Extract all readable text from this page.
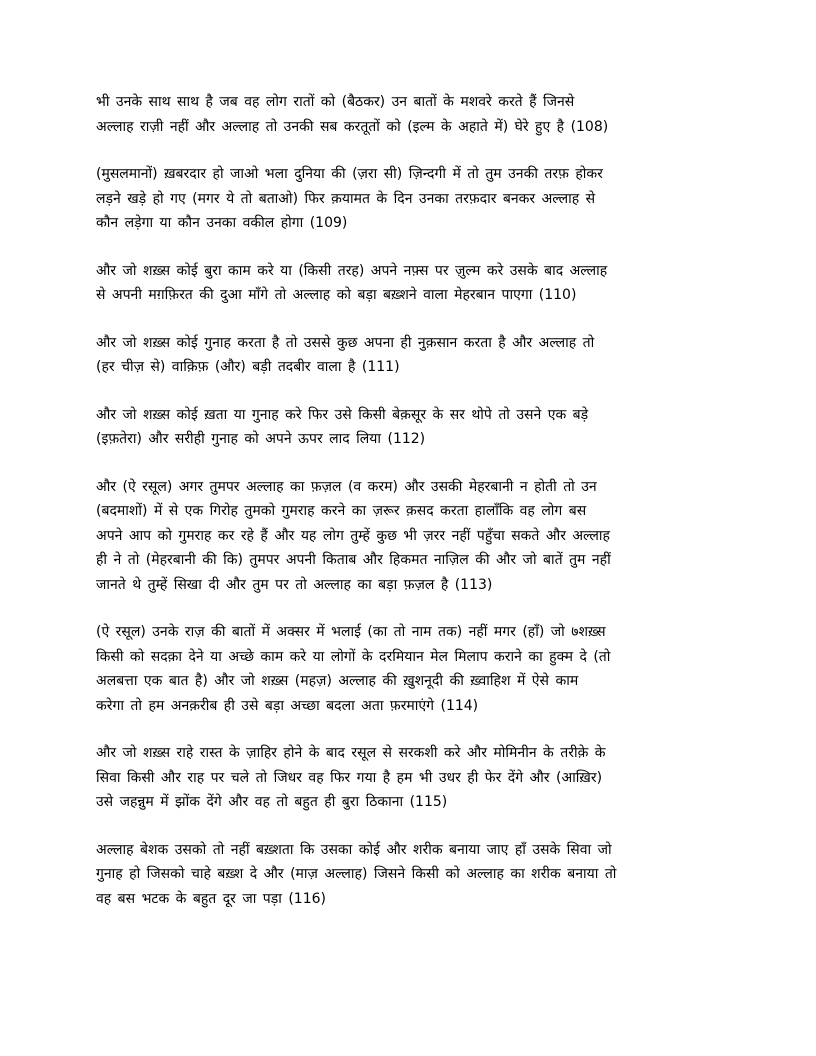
भी उनके साथ साथ है जब वह लोग रातों को (बैठकर) उन बातों के मशवरे करते हैं जिनसे
अल्लाह राज़ी नहीं और अल्लाह तो उनकी सब करतूतों को (इल्म के अहाते में) घेरे हुए है (108)
(मुसलमानों) ख़बरदार हो जाओ भला दुनिया की (ज़रा सी) ज़िन्दगी में तो तुम उनकी तरफ़ होकर
लड़ने खड़े हो गए (मगर ये तो बताओ) फिर क़यामत के दिन उनका तरफ़दार बनकर अल्लाह से
कौन लड़ेगा या कौन उनका वकील होगा (109)
और जो शख़्स कोई बुरा काम करे या (किसी तरह) अपने नफ़्स पर ज़ुल्म करे उसके बाद अल्लाह
से अपनी मग़फ़िरत की दुआ माँगे तो अल्लाह को बड़ा बख़्शने वाला मेहरबान पाएगा (110)
और जो शख़्स कोई गुनाह करता है तो उससे कुछ अपना ही नुक़सान करता है और अल्लाह तो
(हर चीज़ से) वाक़िफ़ (और) बड़ी तदबीर वाला है (111)
और जो शख़्स कोई ख़ता या गुनाह करे फिर उसे किसी बेक़सूर के सर थोपे तो उसने एक बड़े
(इफ़तेरा) और सरीही गुनाह को अपने ऊपर लाद लिया (112)
और (ऐ रसूल) अगर तुमपर अल्लाह का फ़ज़ल (व करम) और उसकी मेहरबानी न होती तो उन
(बदमाशों) में से एक गिरोह तुमको गुमराह करने का ज़रूर क़सद करता हालाँकि वह लोग बस
अपने आप को गुमराह कर रहे हैं और यह लोग तुम्हें कुछ भी ज़रर नहीं पहुँचा सकते और अल्लाह
ही ने तो (मेहरबानी की कि) तुमपर अपनी किताब और हिकमत नाज़िल की और जो बातें तुम नहीं
जानते थे तुम्हें सिखा दी और तुम पर तो अल्लाह का बड़ा फ़ज़ल है (113)
(ऐ रसूल) उनके राज़ की बातों में अक्सर में भलाई (का तो नाम तक) नहीं मगर (हाँ) जो ७शख़्स
किसी को सदक़ा देने या अच्छे काम करे या लोगों के दरमियान मेल मिलाप कराने का हुक्म दे (तो
अलबत्ता एक बात है) और जो शख़्स (महज़) अल्लाह की ख़ुशनूदी की ख़्वाहिश में ऐसे काम
करेगा तो हम अनक़रीब ही उसे बड़ा अच्छा बदला अता फ़रमाएंगे (114)
और जो शख़्स राहे रास्त के ज़ाहिर होने के बाद रसूल से सरकशी करे और मोमिनीन के तरीक़े के
सिवा किसी और राह पर चले तो जिधर वह फिर गया है हम भी उधर ही फेर देंगे और (आख़िर)
उसे जहन्नुम में झोंक देंगे और वह तो बहुत ही बुरा ठिकाना (115)
अल्लाह बेशक उसको तो नहीं बख़्शता कि उसका कोई और शरीक बनाया जाए हाँ उसके सिवा जो
गुनाह हो जिसको चाहे बख़्श दे और (माज़ अल्लाह) जिसने किसी को अल्लाह का शरीक बनाया तो
वह बस भटक के बहुत दूर जा पड़ा (116)
